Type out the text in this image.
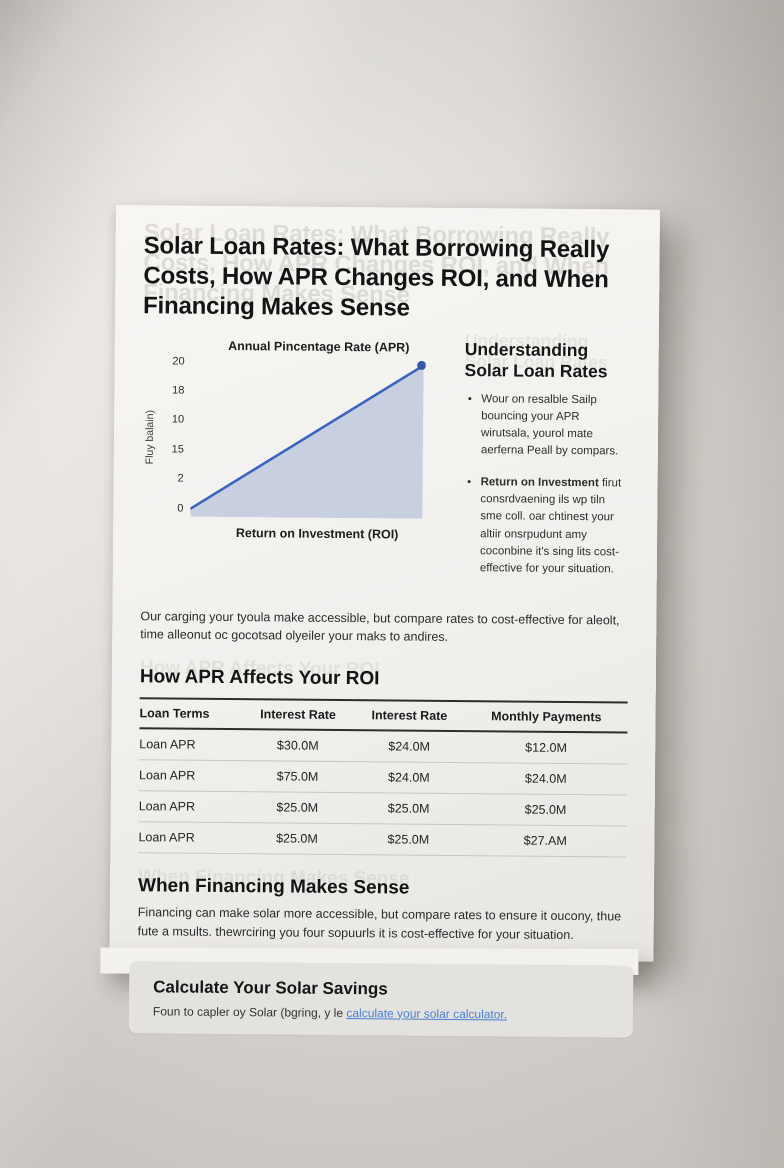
Solar Loan Rates: What Borrowing Really Costs, How APR Changes ROI, and When Financing Makes Sense
Annual Pincentage Rate (APR)
Fluy balain)
20
18
10
15
2
0
Return on Investment (ROI)
Understanding Solar Loan Rates
• Wour on resalble Sailp bouncing your APR wirutsala, yourol mate aerferna Peall by compars.
• Return on Investment firut consrdvaening ils wp tiln sme coll. oar chtinest your altiir onsrpudunt amy coconbine it's sing lits cost-effective for your situation.

Our carging your tyoula make accessible, but compare rates to cost-effective for aleolt, time alleonut oc gocotsad olyeiler your maks to andires.

How APR Affects Your ROI
Loan Terms	Interest Rate	Interest Rate	Monthly Payments
Loan APR	$30.0M	$24.0M	$12.0M
Loan APR	$75.0M	$24.0M	$24.0M
Loan APR	$25.0M	$25.0M	$25.0M
Loan APR	$25.0M	$25.0M	$27.AM
When Financing Makes Sense

Financing can make solar more accessible, but compare rates to ensure it oucony, thue fute a msults. thewrciring you four sopuurls it is cost-effective for your situation.

Calculate Your Solar Savings

Foun to capler oy Solar (bgring, y le calculate your solar calculator.
